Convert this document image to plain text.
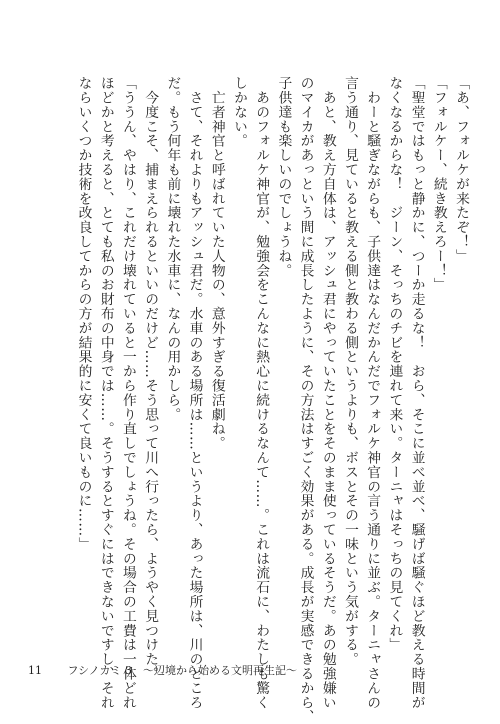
「あ、フォルケが来たぞ！」
「フォルケー、続き教えろー！」
「聖堂ではもっと静かに、つーか走るな！　おら、そこに並べ並べ、騒げば騒ぐほど教える時間が
なくなるからな！　ジーン、そっちのチビを連れて来い。ターニャはそっちの見てくれ」
　わーと騒ぎながらも、子供達はなんだかんだでフォルケ神官の言う通りに並ぶ。ターニャさんの
言う通り、見ていると教える側と教わる側というよりも、ボスとその一味という気がする。
　あと、教え方自体は、アッシュ君にやっていたことをそのまま使っているそうだ。あの勉強嫌い
のマイカがあっという間に成長したように、その方法はすごく効果がある。成長が実感できるから、
子供達も楽しいのでしょうね。
　あのフォルケ神官が、勉強会をこんなに熱心に続けるなんて……。これは流石に、わたしも驚く
しかない。
　亡者神官と呼ばれていた人物の、意外すぎる復活劇ね。
　さて、それよりもアッシュ君だ。水車のある場所は……というより、あった場所は、川のところ
だ。もう何年も前に壊れた水車に、なんの用かしら。
　今度こそ、捕まえられるといいのだけど……そう思って川へ行ったら、ようやく見つけた。
「ううん、やはり、これだけ壊れていると一から作り直しでしょうね。その場合の工費は一体どれ
ほどかと考えると、とても私のお財布の中身では……。そうするとすぐにはできないですし、それ
ならいくつか技術を改良してからの方が結果的に安くて良いものに……」
11 フシノカミ 3　～辺境から始める文明再生記～
